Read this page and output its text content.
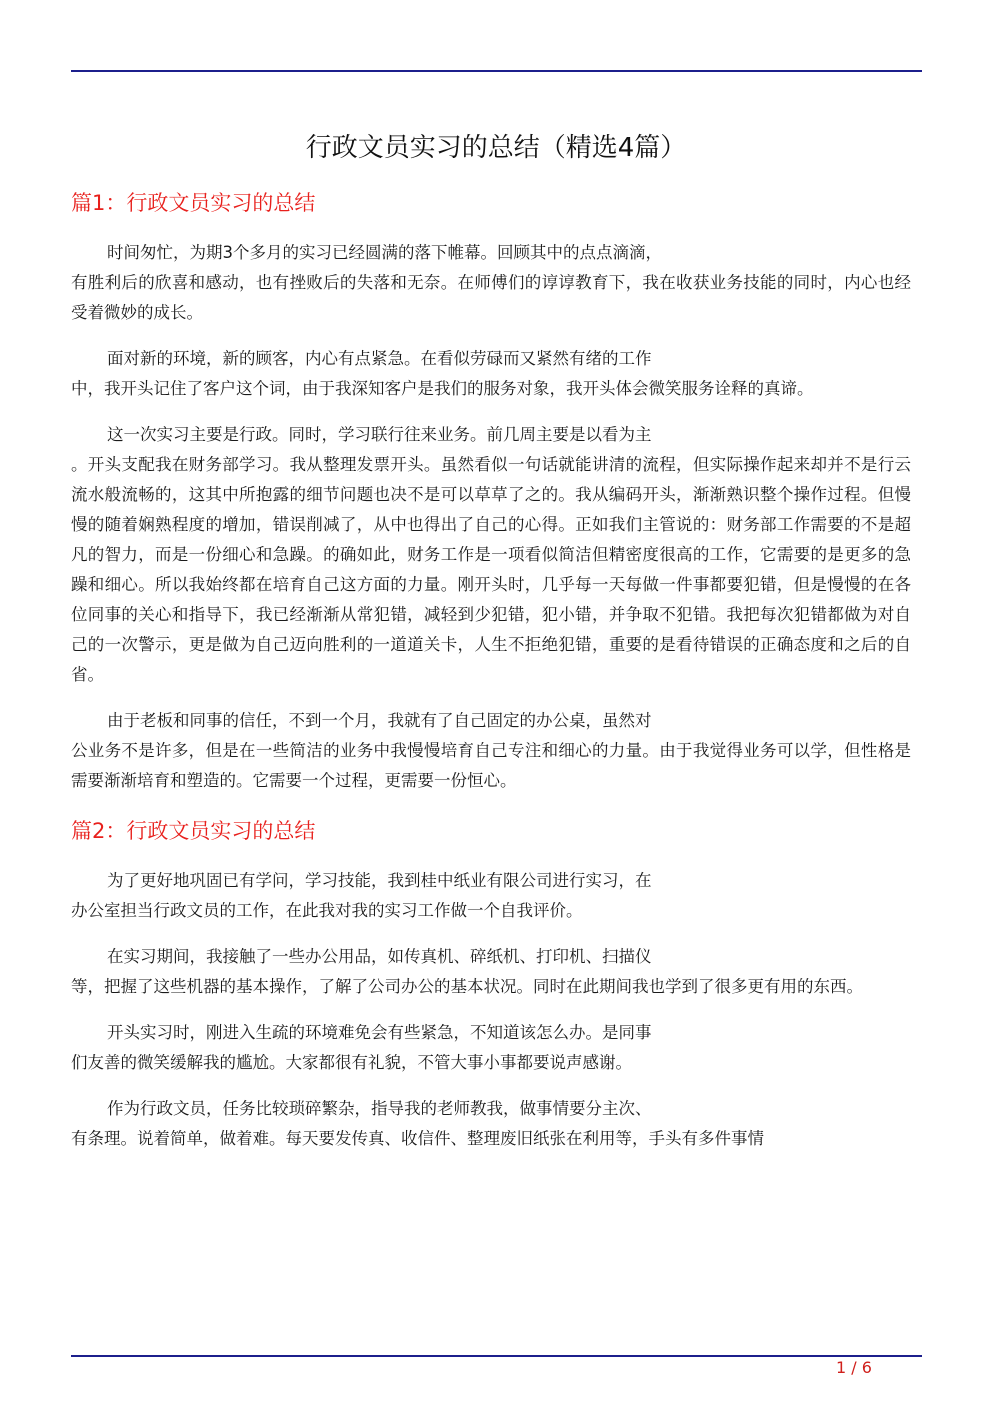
行政文员实习的总结（精选4篇）
篇1：行政文员实习的总结

时间匆忙，为期3个多月的实习已经圆满的落下帷幕。回顾其中的点点滴滴，
有胜利后的欣喜和感动，也有挫败后的失落和无奈。在师傅们的谆谆教育下，我在收获业务技能的同时，内心也经受着微妙的成长。

面对新的环境，新的顾客，内心有点紧急。在看似劳碌而又紧然有绪的工作
中，我开头记住了客户这个词，由于我深知客户是我们的服务对象，我开头体会微笑服务诠释的真谛。

这一次实习主要是行政。同时，学习联行往来业务。前几周主要是以看为主
。开头支配我在财务部学习。我从整理发票开头。虽然看似一句话就能讲清的流程，但实际操作起来却并不是行云流水般流畅的，这其中所抱露的细节问题也决不是可以草草了之的。我从编码开头，渐渐熟识整个操作过程。但慢慢的随着娴熟程度的增加，错误削减了，从中也得出了自己的心得。正如我们主管说的：财务部工作需要的不是超凡的智力，而是一份细心和急躁。的确如此，财务工作是一项看似简洁但精密度很高的工作，它需要的是更多的急躁和细心。所以我始终都在培育自己这方面的力量。刚开头时，几乎每一天每做一件事都要犯错，但是慢慢的在各位同事的关心和指导下，我已经渐渐从常犯错，减轻到少犯错，犯小错，并争取不犯错。我把每次犯错都做为对自己的一次警示，更是做为自己迈向胜利的一道道关卡，人生不拒绝犯错，重要的是看待错误的正确态度和之后的自省。

由于老板和同事的信任，不到一个月，我就有了自己固定的办公桌，虽然对
公业务不是许多，但是在一些简洁的业务中我慢慢培育自己专注和细心的力量。由于我觉得业务可以学，但性格是需要渐渐培育和塑造的。它需要一个过程，更需要一份恒心。

篇2：行政文员实习的总结

为了更好地巩固已有学问，学习技能，我到桂中纸业有限公司进行实习，在
办公室担当行政文员的工作，在此我对我的实习工作做一个自我评价。

在实习期间，我接触了一些办公用品，如传真机、碎纸机、打印机、扫描仪
等，把握了这些机器的基本操作，了解了公司办公的基本状况。同时在此期间我也学到了很多更有用的东西。

开头实习时，刚进入生疏的环境难免会有些紧急，不知道该怎么办。是同事
们友善的微笑缓解我的尴尬。大家都很有礼貌，不管大事小事都要说声感谢。

作为行政文员，任务比较琐碎繁杂，指导我的老师教我，做事情要分主次、
有条理。说着简单，做着难。每天要发传真、收信件、整理废旧纸张在利用等，手头有多件事情

1 / 6
